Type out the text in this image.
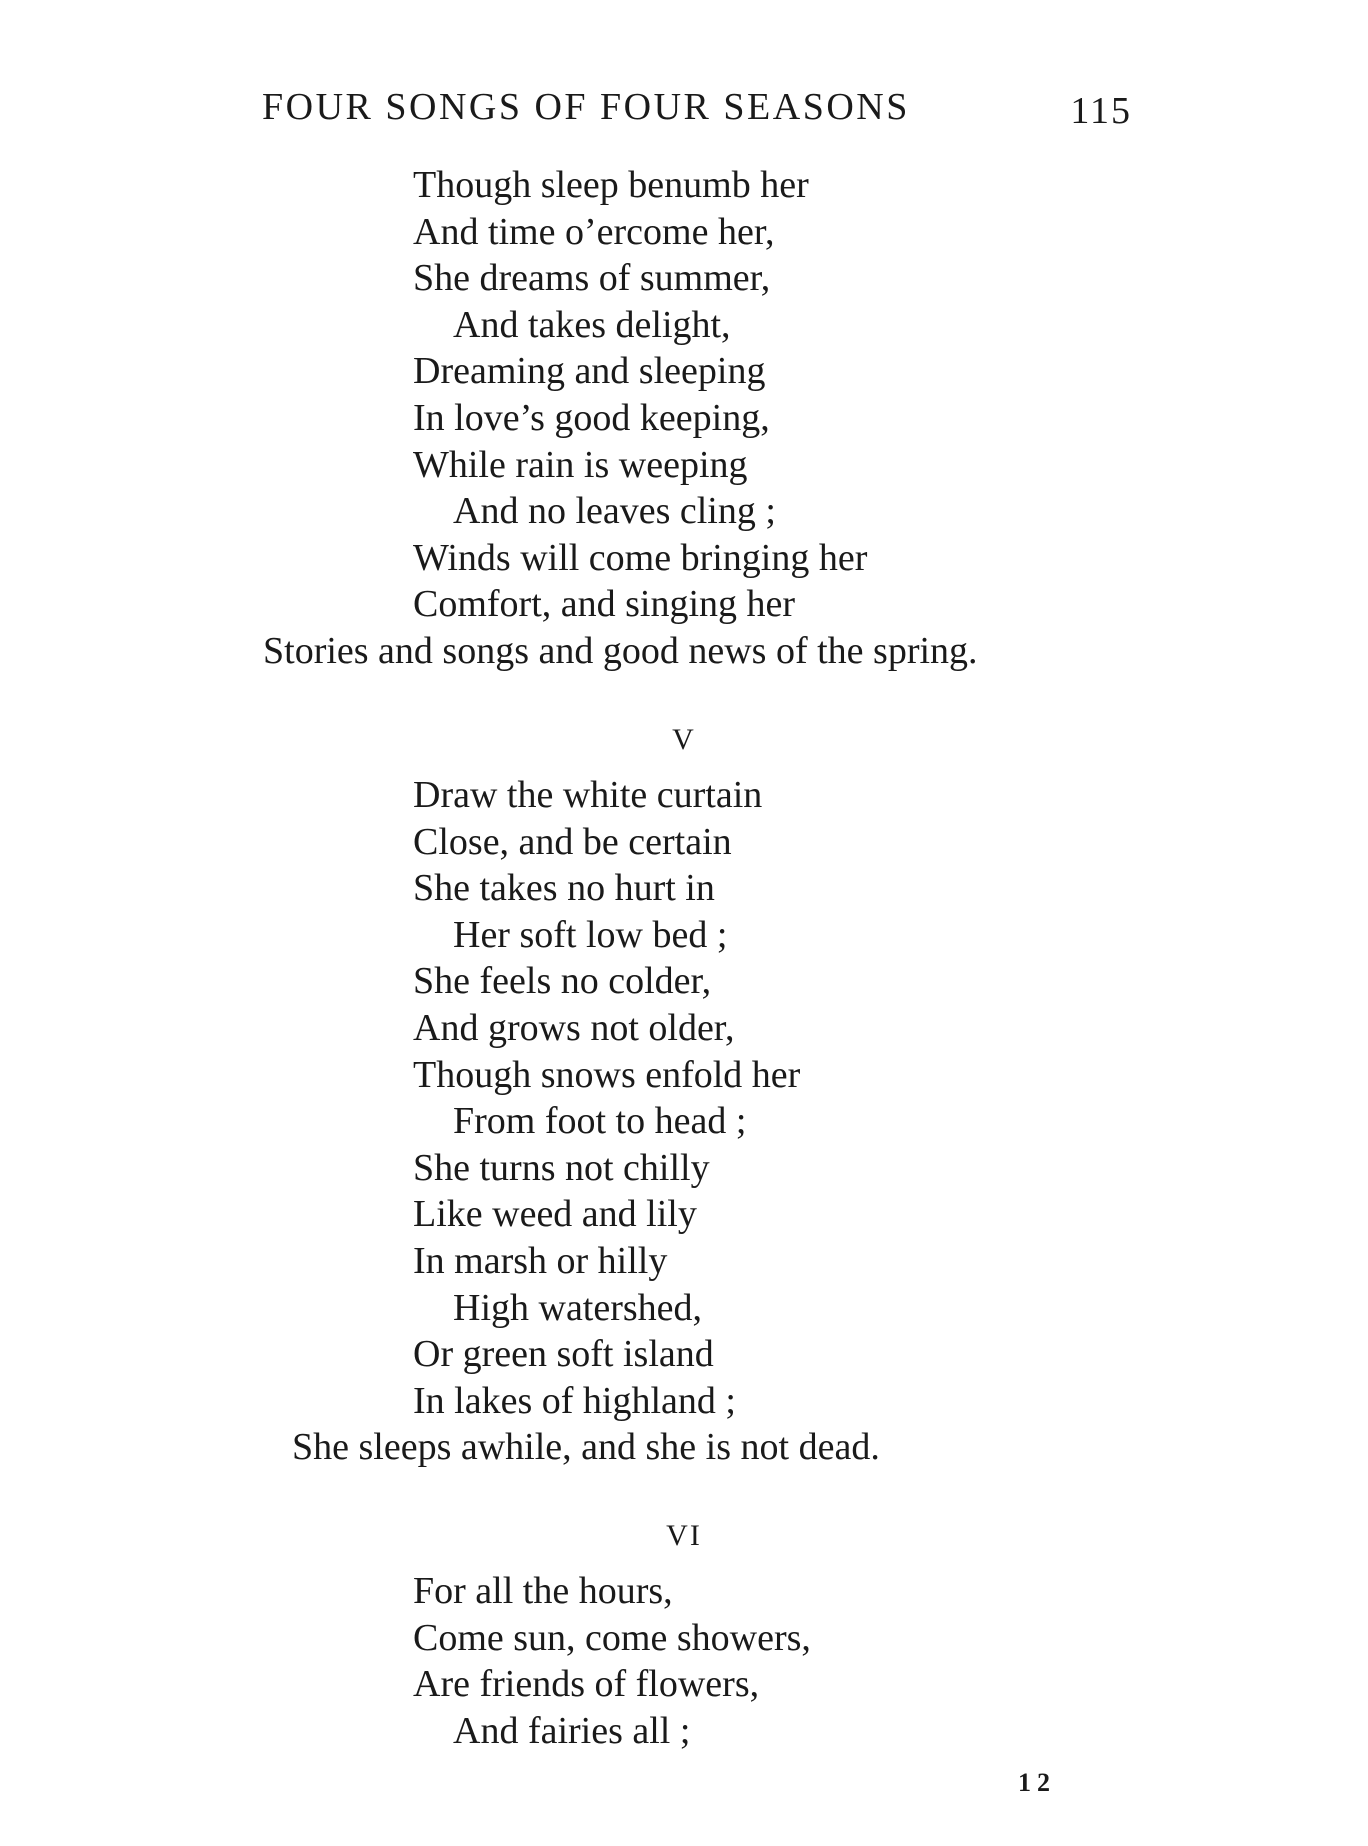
FOUR SONGS OF FOUR SEASONS	115
Though sleep benumb her
And time o’ercome her,
She dreams of summer,
And takes delight,
Dreaming and sleeping
In love’s good keeping,
While rain is weeping
And no leaves cling ;
Winds will come bringing her
Comfort, and singing her
Stories and songs and good news of the spring.
V
Draw the white curtain
Close, and be certain
She takes no hurt in
Her soft low bed ;
She feels no colder,
And grows not older,
Though snows enfold her
From foot to head ;
She turns not chilly
Like weed and lily
In marsh or hilly
High watershed,
Or green soft island
In lakes of highland ;
She sleeps awhile, and she is not dead.
VI
For all the hours,
Come sun, come showers,
Are friends of flowers,
And fairies all ;
12
